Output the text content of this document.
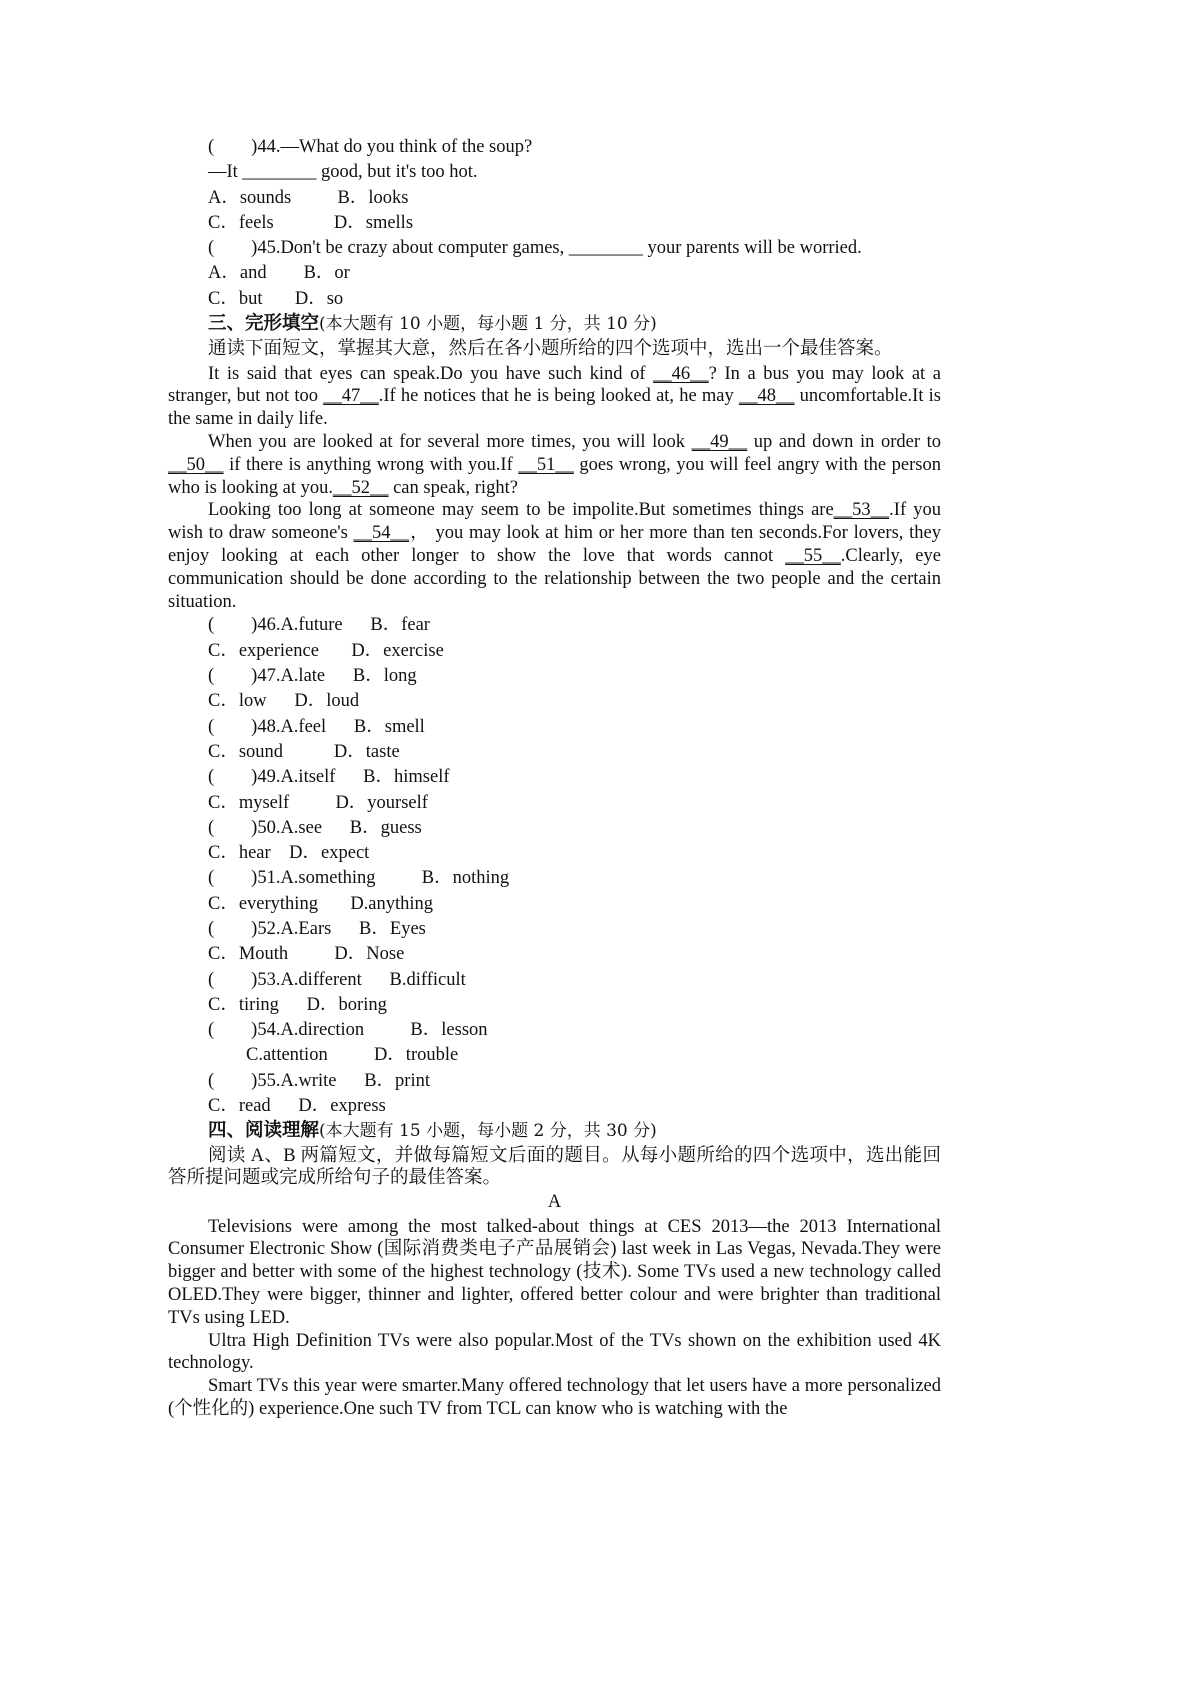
(        )44.—What do you think of the soup?
—It ________ good, but it's too hot.
A．sounds          B．looks
C．feels             D．smells
(        )45.Don't be crazy about computer games, ________ your parents will be worried.
A．and        B．or
C．but       D．so
三、完形填空(本大题有 10 小题，每小题 1 分，共 10 分)
通读下面短文，掌握其大意，然后在各小题所给的四个选项中，选出一个最佳答案。

It is said that eyes can speak.Do you have such kind of __46__? In a bus you may look at a stranger, but not too __47__.If he notices that he is being looked at, he may __48__ uncomfortable.It is the same in daily life.

When you are looked at for several more times, you will look __49__ up and down in order to __50__ if there is anything wrong with you.If __51__ goes wrong, you will feel angry with the person who is looking at you.__52__ can speak, right?

Looking too long at someone may seem to be impolite.But sometimes things are__53__.If you wish to draw someone's __54__， you may look at him or her more than ten seconds.For lovers, they enjoy looking at each other longer to show the love that words cannot __55__.Clearly, eye communication should be done according to the relationship between the two people and the certain situation.

(        )46.A.future      B．fear
C．experience       D．exercise
(        )47.A.late      B．long
C．low      D．loud
(        )48.A.feel      B．smell
C．sound           D．taste
(        )49.A.itself      B．himself
C．myself          D．yourself
(        )50.A.see      B．guess
C．hear    D．expect
(        )51.A.something          B．nothing
C．everything       D.anything
(        )52.A.Ears      B．Eyes
C．Mouth          D．Nose
(        )53.A.different      B.difficult
C．tiring      D．boring
(        )54.A.direction          B．lesson
C.attention          D．trouble
(        )55.A.write      B．print
C．read      D．express
四、阅读理解(本大题有 15 小题，每小题 2 分，共 30 分)

阅读 A、B 两篇短文，并做每篇短文后面的题目。从每小题所给的四个选项中，选出能回答所提问题或完成所给句子的最佳答案。

A

Televisions were among the most talked-about things at CES 2013—the 2013 International Consumer Electronic Show (国际消费类电子产品展销会) last week in Las Vegas, Nevada.They were bigger and better with some of the highest technology (技术). Some TVs used a new technology called OLED.They were bigger, thinner and lighter, offered better colour and were brighter than traditional TVs using LED.

Ultra High Definition TVs were also popular.Most of the TVs shown on the exhibition used 4K technology.

Smart TVs this year were smarter.Many offered technology that let users have a more personalized (个性化的) experience.One such TV from TCL can know who is watching with the
